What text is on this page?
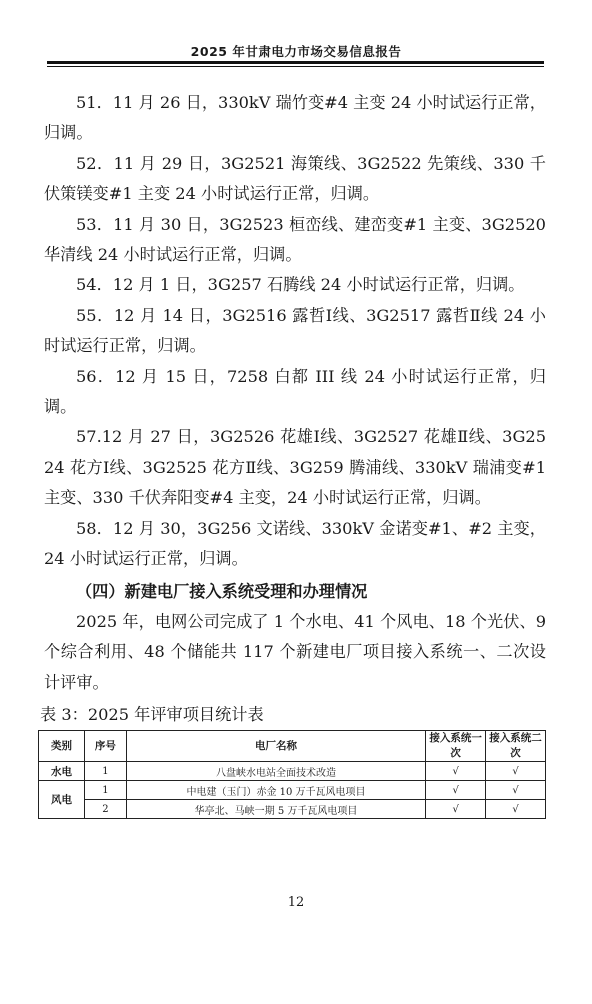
2025 年甘肃电力市场交易信息报告

51．11 月 26 日，330kV 瑞竹变#4 主变 24 小时试运行正常，归调。

52．11 月 29 日，3G2521 海策线、3G2522 先策线、330 千伏策镁变#1 主变 24 小时试运行正常，归调。

53．11 月 30 日，3G2523 桓峦线、建峦变#1 主变、3G2520 华清线 24 小时试运行正常，归调。

54．12 月 1 日，3G257 石腾线 24 小时试运行正常，归调。

55．12 月 14 日，3G2516 露哲Ⅰ线、3G2517 露哲Ⅱ线 24 小时试运行正常，归调。

56．12 月 15 日，7258 白都 III 线 24 小时试运行正常，归调。

57.12 月 27 日，3G2526 花雄Ⅰ线、3G2527 花雄Ⅱ线、3G2524 花方Ⅰ线、3G2525 花方Ⅱ线、3G259 腾浦线、330kV 瑞浦变#1 主变、330 千伏奔阳变#4 主变，24 小时试运行正常，归调。

58．12 月 30，3G256 文诺线、330kV 金诺变#1、#2 主变，24 小时试运行正常，归调。

（四）新建电厂接入系统受理和办理情况

2025 年，电网公司完成了 1 个水电、41 个风电、18 个光伏、9 个综合利用、48 个储能共 117 个新建电厂项目接入系统一、二次设计评审。

表 3：2025 年评审项目统计表

类别	序号	电厂名称	接入系统一次	接入系统二次
水电	1	八盘峡水电站全面技术改造	√	√
风电	1	中电建（玉门）赤金 10 万千瓦风电项目	√	√
	2	华亭北、马峡一期 5 万千瓦风电项目	√	√
12
